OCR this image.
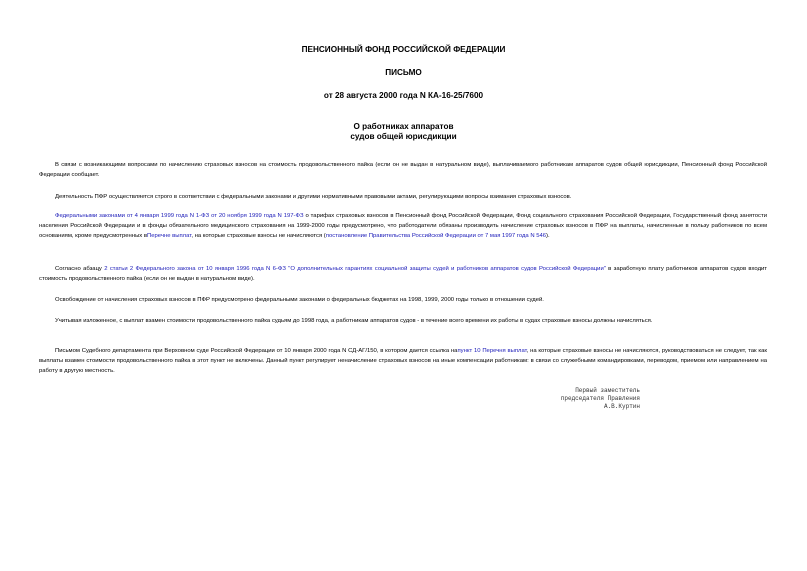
ПЕНСИОННЫЙ ФОНД РОССИЙСКОЙ ФЕДЕРАЦИИ
ПИСЬМО
от 28 августа 2000 года N КА-16-25/7600
О работниках аппаратов
судов общей юрисдикции
В связи с возникающими вопросами по начислению страховых взносов на стоимость продовольственного пайка (если он не выдан в натуральном виде), выплачиваемого работникам аппаратов судов общей юрисдикции, Пенсионный фонд Российской Федерации сообщает.
Деятельность ПФР осуществляется строго в соответствии с федеральными законами и другими нормативными правовыми актами, регулирующими вопросы взимания страховых взносов.
Федеральными законами от 4 января 1999 года N 1-ФЗ от 20 ноября 1999 года N 197-ФЗ о тарифах страховых взносов в Пенсионный фонд Российской Федерации, Фонд социального страхования Российской Федерации, Государственный фонд занятости населения Российской Федерации и в фонды обязательного медицинского страхования на 1999-2000 годы предусмотрено, что работодатели обязаны производить начисление страховых взносов в ПФР на выплаты, начисленные в пользу работников по всем основаниям, кроме предусмотренных вПеречне выплат, на которые страховые взносы не начисляются (постановление Правительства Российской Федерации от 7 мая 1997 года N 546).
Согласно абзацу 2 статьи 2 Федерального закона от 10 января 1996 года N 6-ФЗ "О дополнительных гарантиях социальной защиты судей и работников аппаратов судов Российской Федерации" в заработную плату работников аппаратов судов входит стоимость продовольственного пайка (если он не выдан в натуральном виде).
Освобождение от начисления страховых взносов в ПФР предусмотрено федеральными законами о федеральных бюджетах на 1998, 1999, 2000 годы только в отношении судей.
Учитывая изложенное, с выплат взамен стоимости продовольственного пайка судьям до 1998 года, а работникам аппаратов судов - в течение всего времени их работы в судах страховые взносы должны начисляться.
Письмом Судебного департамента при Верховном суде Российской Федерации от 10 января 2000 года N СД-АГ/150, в котором дается ссылка напункт 10 Перечня выплат, на которые страховые взносы не начисляются, руководствоваться не следует, так как выплаты взамен стоимости продовольственного пайка в этот пункт не включены. Данный пункт регулирует неначисление страховых взносов на иные компенсации работникам: в связи со служебными командировками, переводом, приемом или направлением на работу в другую местность.
Первый заместитель
председателя Правления
А.В.Куртин
